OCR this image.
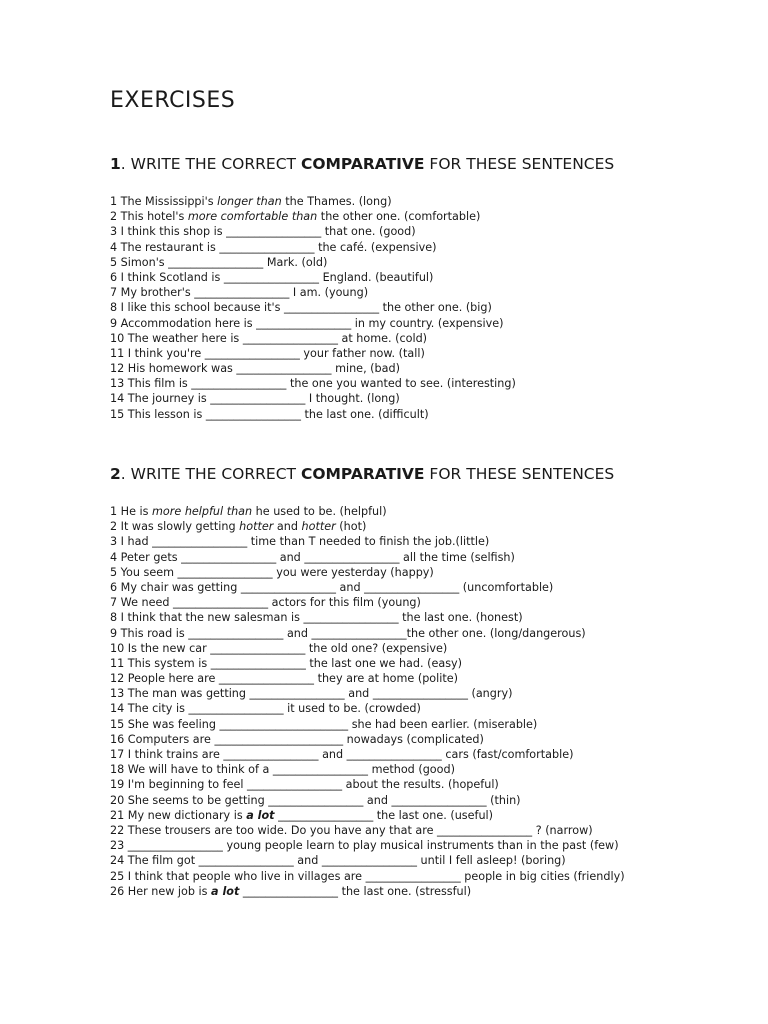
EXERCISES
1. WRITE THE CORRECT COMPARATIVE FOR THESE SENTENCES
1 The Mississippi's longer than the Thames. (long)
2 This hotel's more comfortable than the other one. (comfortable)
3 I think this shop is _________________ that one. (good)
4 The restaurant is _________________ the café. (expensive)
5 Simon's _________________ Mark. (old)
6 I think Scotland is _________________ England. (beautiful)
7 My brother's _________________ I am. (young)
8 I like this school because it's _________________ the other one. (big)
9 Accommodation here is _________________ in my country. (expensive)
10 The weather here is _________________ at home. (cold)
11 I think you're _________________ your father now. (tall)
12 His homework was _________________ mine, (bad)
13 This film is _________________ the one you wanted to see. (interesting)
14 The journey is _________________ I thought. (long)
15 This lesson is _________________ the last one. (difficult)
2. WRITE THE CORRECT COMPARATIVE FOR THESE SENTENCES
1 He is more helpful than he used to be. (helpful)
2 It was slowly getting hotter and hotter (hot)
3 I had _________________ time than T needed to finish the job.(little)
4 Peter gets _________________ and _________________ all the time (selfish)
5 You seem _________________ you were yesterday (happy)
6 My chair was getting _________________ and _________________ (uncomfortable)
7 We need _________________ actors for this film (young)
8 I think that the new salesman is _________________ the last one. (honest)
9 This road is _________________ and _________________the other one. (long/dangerous)
10 Is the new car _________________ the old one? (expensive)
11 This system is _________________ the last one we had. (easy)
12 People here are _________________ they are at home (polite)
13 The man was getting _________________ and _________________ (angry)
14 The city is _________________ it used to be. (crowded)
15 She was feeling _______________________ she had been earlier. (miserable)
16 Computers are _______________________ nowadays (complicated)
17 I think trains are _________________ and _________________ cars (fast/comfortable)
18 We will have to think of a _________________ method (good)
19 I'm beginning to feel _________________ about the results. (hopeful)
20 She seems to be getting _________________ and _________________ (thin)
21 My new dictionary is a lot _________________ the last one. (useful)
22 These trousers are too wide. Do you have any that are _________________ ? (narrow)
23 _________________ young people learn to play musical instruments than in the past (few)
24 The film got _________________ and _________________ until I fell asleep! (boring)
25 I think that people who live in villages are _________________ people in big cities (friendly)
26 Her new job is a lot _________________ the last one. (stressful)
